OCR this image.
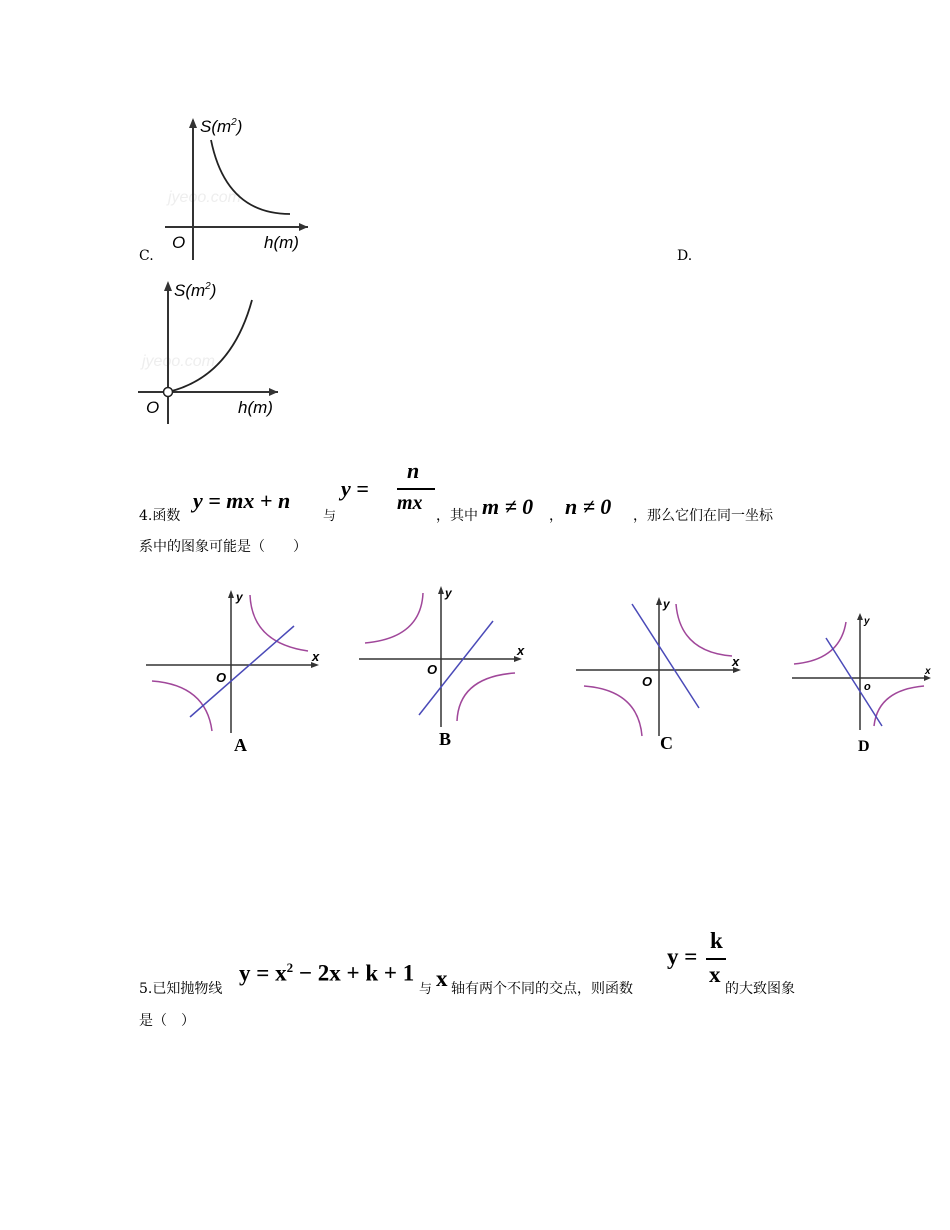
jyeoo.com
$S(m^2)$
O	h(m)
C.	D.
jyeoo.com
$S(m^2)$
O	h(m)
4.函数
y = mx + n
与
y =
n
mx
，其中 m ≠ 0 ， n ≠ 0 ，那么它们在同一坐标
系中的图象可能是（　　）
y
x
O
A
y
x
O
B
y
x
O
C
y
x
o
D
5.已知抛物线
$y = x^2 - 2x + k + 1$
与 x 轴有两个不同的交点，则函数
y =
k
x
的大致图象
是（　）
